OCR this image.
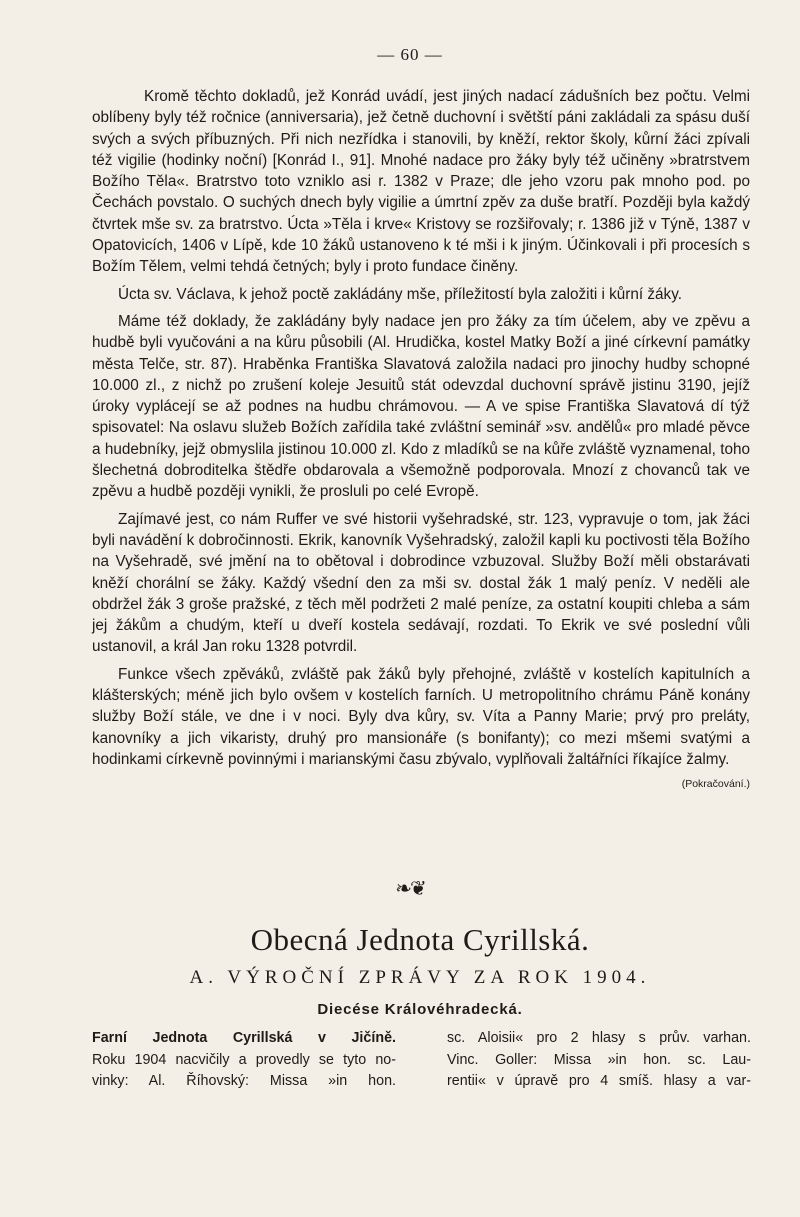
— 60 —

Kromě těchto dokladů, jež Konrád uvádí, jest jiných nadací zádušních bez počtu. Velmi oblíbeny byly též ročnice (anniversaria), jež četně duchovní i světští páni zakládali za spásu duší svých a svých příbuzných. Při nich nezřídka i stanovili, by kněží, rektor školy, kůrní žáci zpívali též vigilie (hodinky noční) [Konrád I., 91]. Mnohé nadace pro žáky byly též učiněny »bratrstvem Božího Těla«. Bratrstvo toto vzniklo asi r. 1382 v Praze; dle jeho vzoru pak mnoho pod. po Čechách povstalo. O suchých dnech byly vigilie a úmrtní zpěv za duše bratří. Později byla každý čtvrtek mše sv. za bratrstvo. Úcta »Těla i krve« Kristovy se rozšiřovaly; r. 1386 již v Týně, 1387 v Opatovicích, 1406 v Lípě, kde 10 žáků ustanoveno k té mši i k jiným. Účinkovali i při procesích s Božím Tělem, velmi tehdá četných; byly i proto fundace činěny.

Úcta sv. Václava, k jehož poctě zakládány mše, příležitostí byla založiti i kůrní žáky.

Máme též doklady, že zakládány byly nadace jen pro žáky za tím účelem, aby ve zpěvu a hudbě byli vyučováni a na kůru působili (Al. Hrudička, kostel Matky Boží a jiné církevní památky města Telče, str. 87). Hraběnka Františka Slavatová založila nadaci pro jinochy hudby schopné 10.000 zl., z nichž po zrušení koleje Jesuitů stát odevzdal duchovní správě jistinu 3190, jejíž úroky vyplácejí se až podnes na hudbu chrámovou. — A ve spise Františka Slavatová dí týž spisovatel: Na oslavu služeb Božích zařídila také zvláštní seminář »sv. andělů« pro mladé pěvce a hudebníky, jejž obmyslila jistinou 10.000 zl. Kdo z mladíků se na kůře zvláště vyznamenal, toho šlechetná dobroditelka štědře obdarovala a všemožně podporovala. Mnozí z chovanců tak ve zpěvu a hudbě později vynikli, že prosluli po celé Evropě.

Zajímavé jest, co nám Ruffer ve své historii vyšehradské, str. 123, vypravuje o tom, jak žáci byli navádění k dobročinnosti. Ekrik, kanovník Vyšehradský, založil kapli ku poctivosti těla Božího na Vyšehradě, své jmění na to obětoval i dobrodince vzbuzoval. Služby Boží měli obstarávati kněží chorální se žáky. Každý všední den za mši sv. dostal žák 1 malý peníz. V neděli ale obdržel žák 3 groše pražské, z těch měl podržeti 2 malé peníze, za ostatní koupiti chleba a sám jej žákům a chudým, kteří u dveří kostela sedávají, rozdati. To Ekrik ve své poslední vůli ustanovil, a král Jan roku 1328 potvrdil.

Funkce všech zpěváků, zvláště pak žáků byly přehojné, zvláště v kostelích kapitulních a klášterských; méně jich bylo ovšem v kostelích farních. U metropolitního chrámu Páně konány služby Boží stále, ve dne i v noci. Byly dva kůry, sv. Víta a Panny Marie; prvý pro preláty, kanovníky a jich vikaristy, druhý pro mansionáře (s bonifanty); co mezi mšemi svatými a hodinkami církevně povinnými i marianskými času zbývalo, vyplňovali žaltářníci říkajíce žalmy.
(Pokračování.)

❧❦
Obecná Jednota Cyrillská.
A. VÝROČNÍ ZPRÁVY ZA ROK 1904.
Diecése Královéhradecká.
Farní Jednota Cyrillská v Jičíně.
Roku 1904 nacvičily a provedly se tyto no-
vinky: Al. Říhovský: Missa »in hon.
sc. Aloisii« pro 2 hlasy s prův. varhan.
Vinc. Goller: Missa »in hon. sc. Lau-
rentii« v úpravě pro 4 smíš. hlasy a var-
